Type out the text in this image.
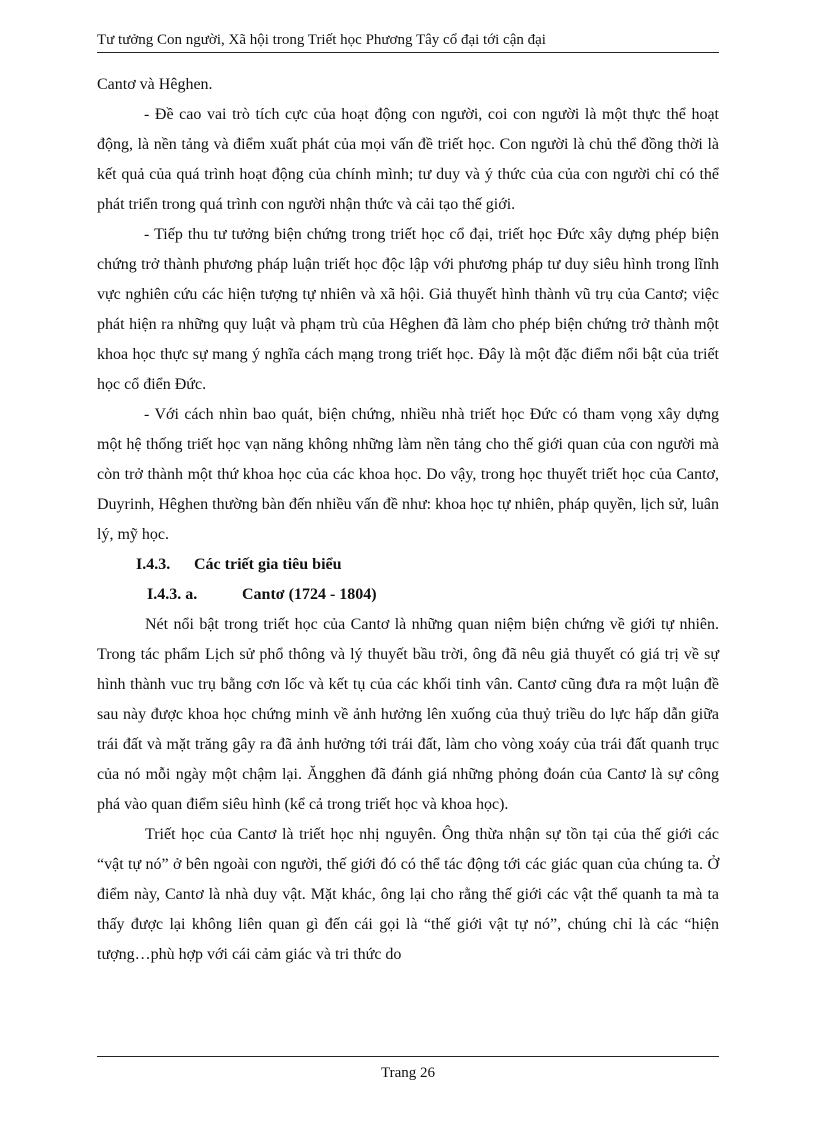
Tư tưởng Con người, Xã hội trong Triết học Phương Tây cổ đại tới cận đại

Cantơ và Hêghen.

- Đề cao vai trò tích cực của hoạt động con người, coi con người là một thực thể hoạt động, là nền tảng và điểm xuất phát của mọi vấn đề triết học. Con người là chủ thể đồng thời là kết quả của quá trình hoạt động của chính mình; tư duy và ý thức của của con người chỉ có thể phát triển trong quá trình con người nhận thức và cải tạo thế giới.

- Tiếp thu tư tưởng biện chứng trong triết học cổ đại, triết học Đức xây dựng phép biện chứng trở thành phương pháp luận triết học độc lập với phương pháp tư duy siêu hình trong lĩnh vực nghiên cứu các hiện tượng tự nhiên và xã hội. Giả thuyết hình thành vũ trụ của Cantơ; việc phát hiện ra những quy luật và phạm trù của Hêghen đã làm cho phép biện chứng trở thành một khoa học thực sự mang ý nghĩa cách mạng trong triết học. Đây là một đặc điểm nổi bật của triết học cổ điển Đức.

- Với cách nhìn bao quát, biện chứng, nhiều nhà triết học Đức có tham vọng xây dựng một hệ thống triết học vạn năng không những làm nền tảng cho thế giới quan của con người mà còn trở thành một thứ khoa học của các khoa học. Do vậy, trong học thuyết triết học của Cantơ, Duyrinh, Hêghen thường bàn đến nhiều vấn đề như: khoa học tự nhiên, pháp quyền, lịch sử, luân lý, mỹ học.

I.4.3.	Các triết gia tiêu biểu
I.4.3. a.	Cantơ (1724 - 1804)

Nét nổi bật trong triết học của Cantơ là những quan niệm biện chứng về giới tự nhiên. Trong tác phẩm Lịch sử phổ thông và lý thuyết bầu trời, ông đã nêu giả thuyết có giá trị về sự hình thành vuc trụ bằng cơn lốc và kết tụ của các khối tinh vân. Cantơ cũng đưa ra một luận đề sau này được khoa học chứng minh về ảnh hưởng lên xuống của thuỷ triều do lực hấp dẫn giữa trái đất và mặt trăng gây ra đã ảnh hưởng tới trái đất, làm cho vòng xoáy của trái đất quanh trục của nó mỗi ngày một chậm lại. Ăngghen đã đánh giá những phỏng đoán của Cantơ là sự công phá vào quan điểm siêu hình (kể cả trong triết học và khoa học).

Triết học của Cantơ là triết học nhị nguyên. Ông thừa nhận sự tồn tại của thế giới các “vật tự nó” ở bên ngoài con người, thế giới đó có thể tác động tới các giác quan của chúng ta. Ở điểm này, Cantơ là nhà duy vật. Mặt khác, ông lại cho rằng thế giới các vật thể quanh ta mà ta thấy được lại không liên quan gì đến cái gọi là “thế giới vật tự nó”, chúng chỉ là các “hiện tượng…phù hợp với cái cảm giác và tri thức do

Trang 26
